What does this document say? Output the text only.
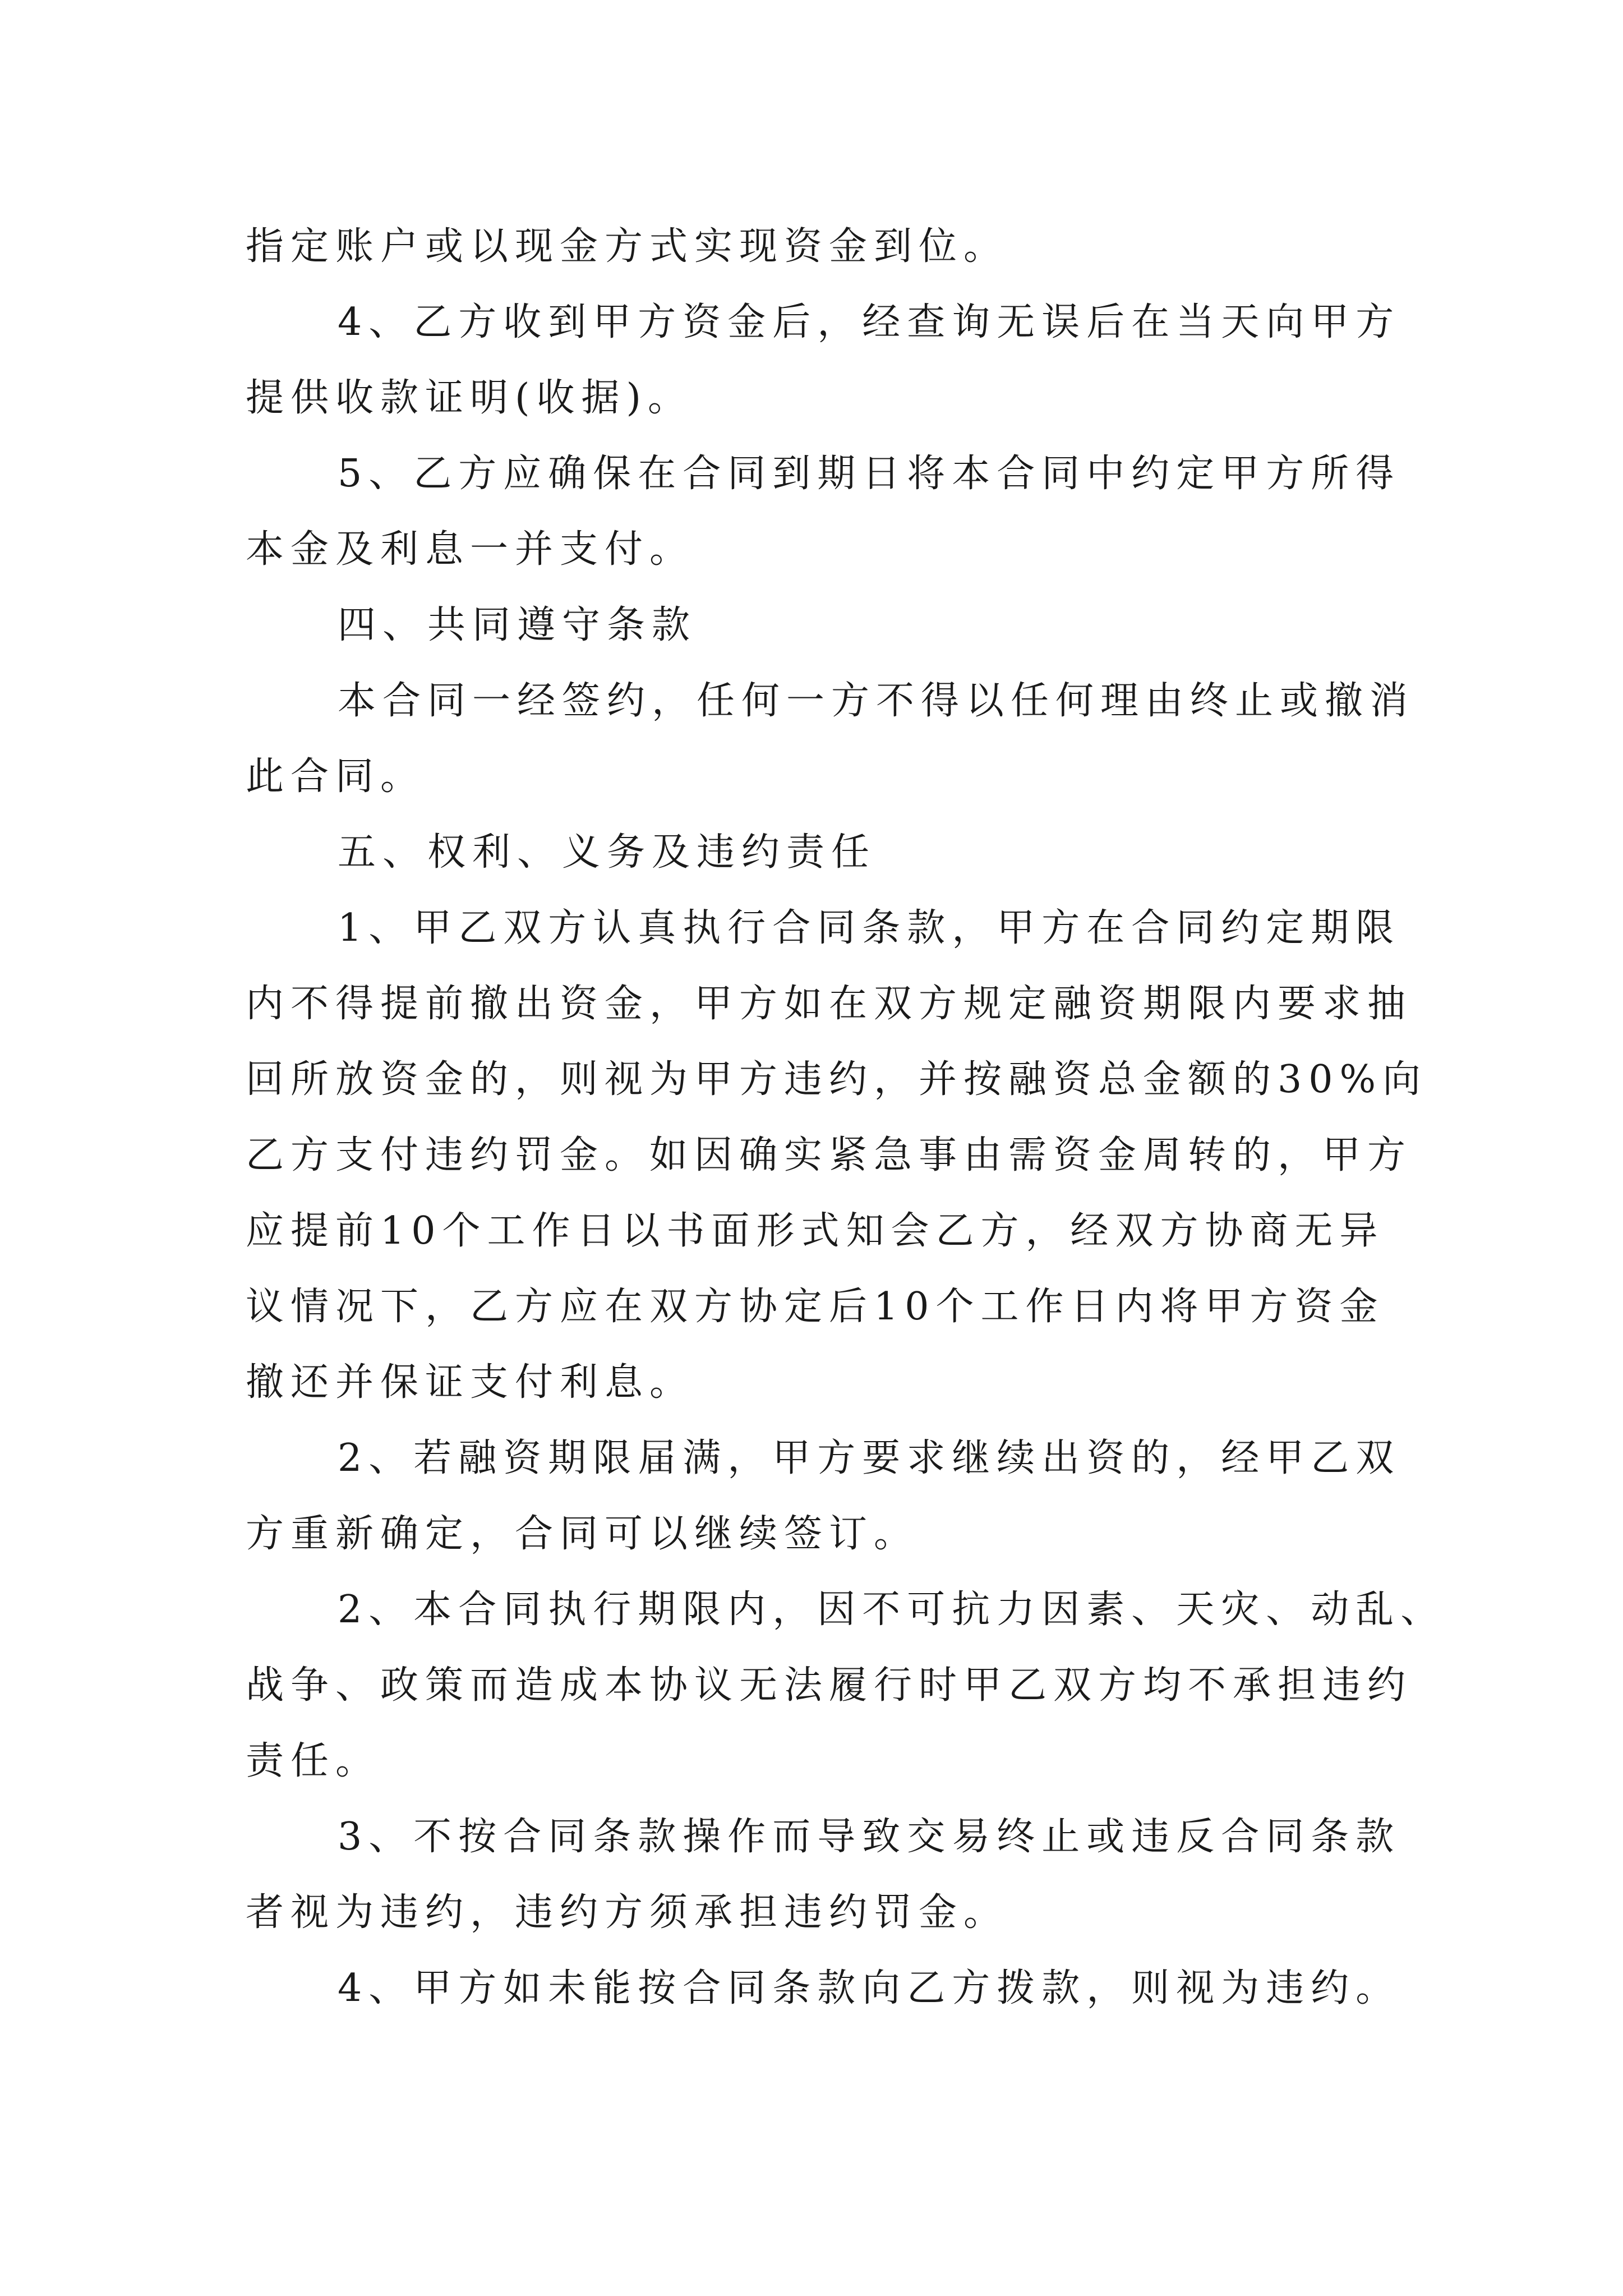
指定账户或以现金方式实现资金到位。
4、乙方收到甲方资金后，经查询无误后在当天向甲方
提供收款证明(收据)。
5、乙方应确保在合同到期日将本合同中约定甲方所得
本金及利息一并支付。
四、共同遵守条款
本合同一经签约，任何一方不得以任何理由终止或撤消
此合同。
五、权利、义务及违约责任
1、甲乙双方认真执行合同条款，甲方在合同约定期限
内不得提前撤出资金，甲方如在双方规定融资期限内要求抽
回所放资金的，则视为甲方违约，并按融资总金额的30%向
乙方支付违约罚金。如因确实紧急事由需资金周转的，甲方
应提前10个工作日以书面形式知会乙方，经双方协商无异
议情况下，乙方应在双方协定后10个工作日内将甲方资金
撤还并保证支付利息。
2、若融资期限届满，甲方要求继续出资的，经甲乙双
方重新确定，合同可以继续签订。
2、本合同执行期限内，因不可抗力因素、天灾、动乱、
战争、政策而造成本协议无法履行时甲乙双方均不承担违约
责任。
3、不按合同条款操作而导致交易终止或违反合同条款
者视为违约，违约方须承担违约罚金。
4、甲方如未能按合同条款向乙方拨款，则视为违约。
